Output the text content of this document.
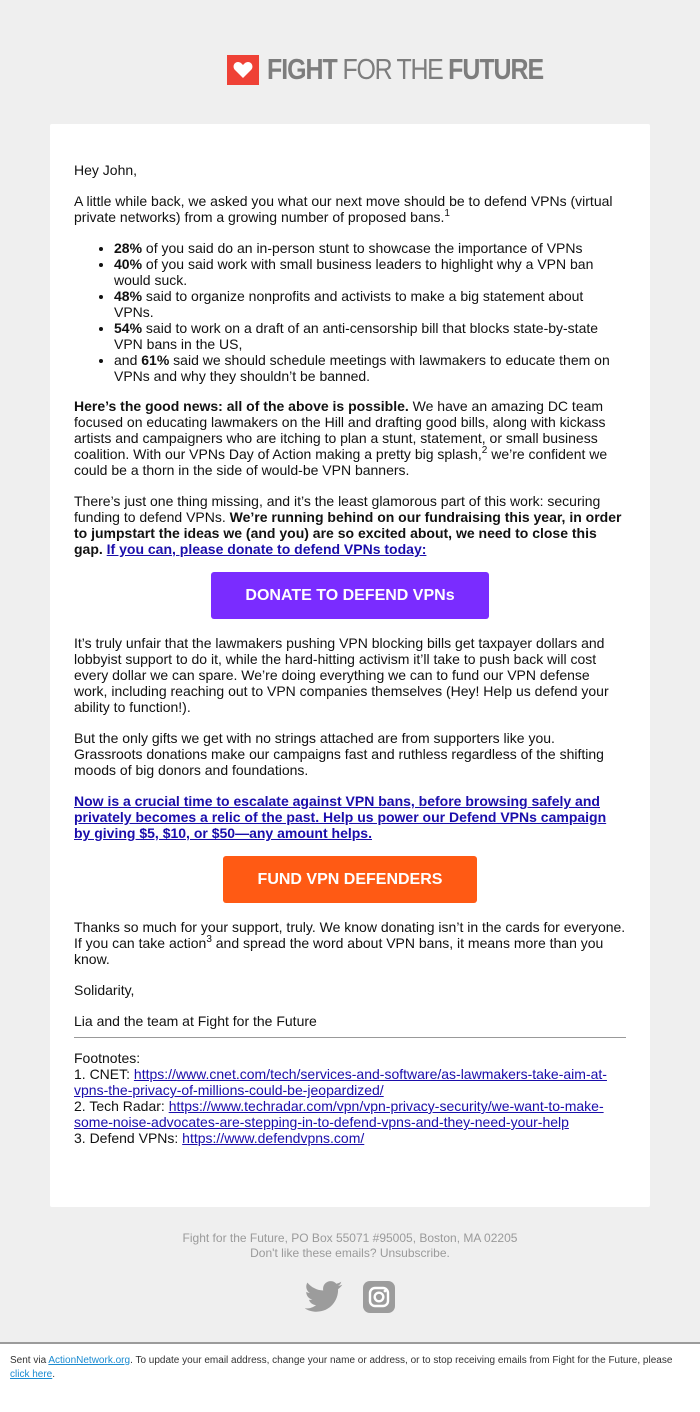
FIGHT FOR THE FUTURE

Hey John,

A little while back, we asked you what our next move should be to defend VPNs (virtual private networks) from a growing number of proposed bans.$^1$

• 28% of you said do an in-person stunt to showcase the importance of VPNs
• 40% of you said work with small business leaders to highlight why a VPN ban would suck.
• 48% said to organize nonprofits and activists to make a big statement about VPNs.
• 54% said to work on a draft of an anti-censorship bill that blocks state-by-state VPN bans in the US,
• and 61% said we should schedule meetings with lawmakers to educate them on VPNs and why they shouldn’t be banned.

Here’s the good news: all of the above is possible. We have an amazing DC team focused on educating lawmakers on the Hill and drafting good bills, along with kickass artists and campaigners who are itching to plan a stunt, statement, or small business coalition. With our VPNs Day of Action making a pretty big splash,$^2$ we’re confident we could be a thorn in the side of would-be VPN banners.

There’s just one thing missing, and it’s the least glamorous part of this work: securing funding to defend VPNs. We’re running behind on our fundraising this year, in order to jumpstart the ideas we (and you) are so excited about, we need to close this gap. If you can, please donate to defend VPNs today:

DONATE TO DEFEND VPNs

It’s truly unfair that the lawmakers pushing VPN blocking bills get taxpayer dollars and lobbyist support to do it, while the hard-hitting activism it’ll take to push back will cost every dollar we can spare. We’re doing everything we can to fund our VPN defense work, including reaching out to VPN companies themselves (Hey! Help us defend your ability to function!).

But the only gifts we get with no strings attached are from supporters like you. Grassroots donations make our campaigns fast and ruthless regardless of the shifting moods of big donors and foundations.

Now is a crucial time to escalate against VPN bans, before browsing safely and privately becomes a relic of the past. Help us power our Defend VPNs campaign by giving $5, $10, or $50—any amount helps.

FUND VPN DEFENDERS

Thanks so much for your support, truly. We know donating isn’t in the cards for everyone. If you can take action$^3$ and spread the word about VPN bans, it means more than you know.

Solidarity,

Lia and the team at Fight for the Future

Footnotes:
1. CNET: https://www.cnet.com/tech/services-and-software/as-lawmakers-take-aim-at-vpns-the-privacy-of-millions-could-be-jeopardized/
2. Tech Radar: https://www.techradar.com/vpn/vpn-privacy-security/we-want-to-make-some-noise-advocates-are-stepping-in-to-defend-vpns-and-they-need-your-help
3. Defend VPNs: https://www.defendvpns.com/
Fight for the Future, PO Box 55071 #95005, Boston, MA 02205
Don't like these emails? Unsubscribe.
Sent via ActionNetwork.org. To update your email address, change your name or address, or to stop receiving emails from Fight for the Future, please click here.
